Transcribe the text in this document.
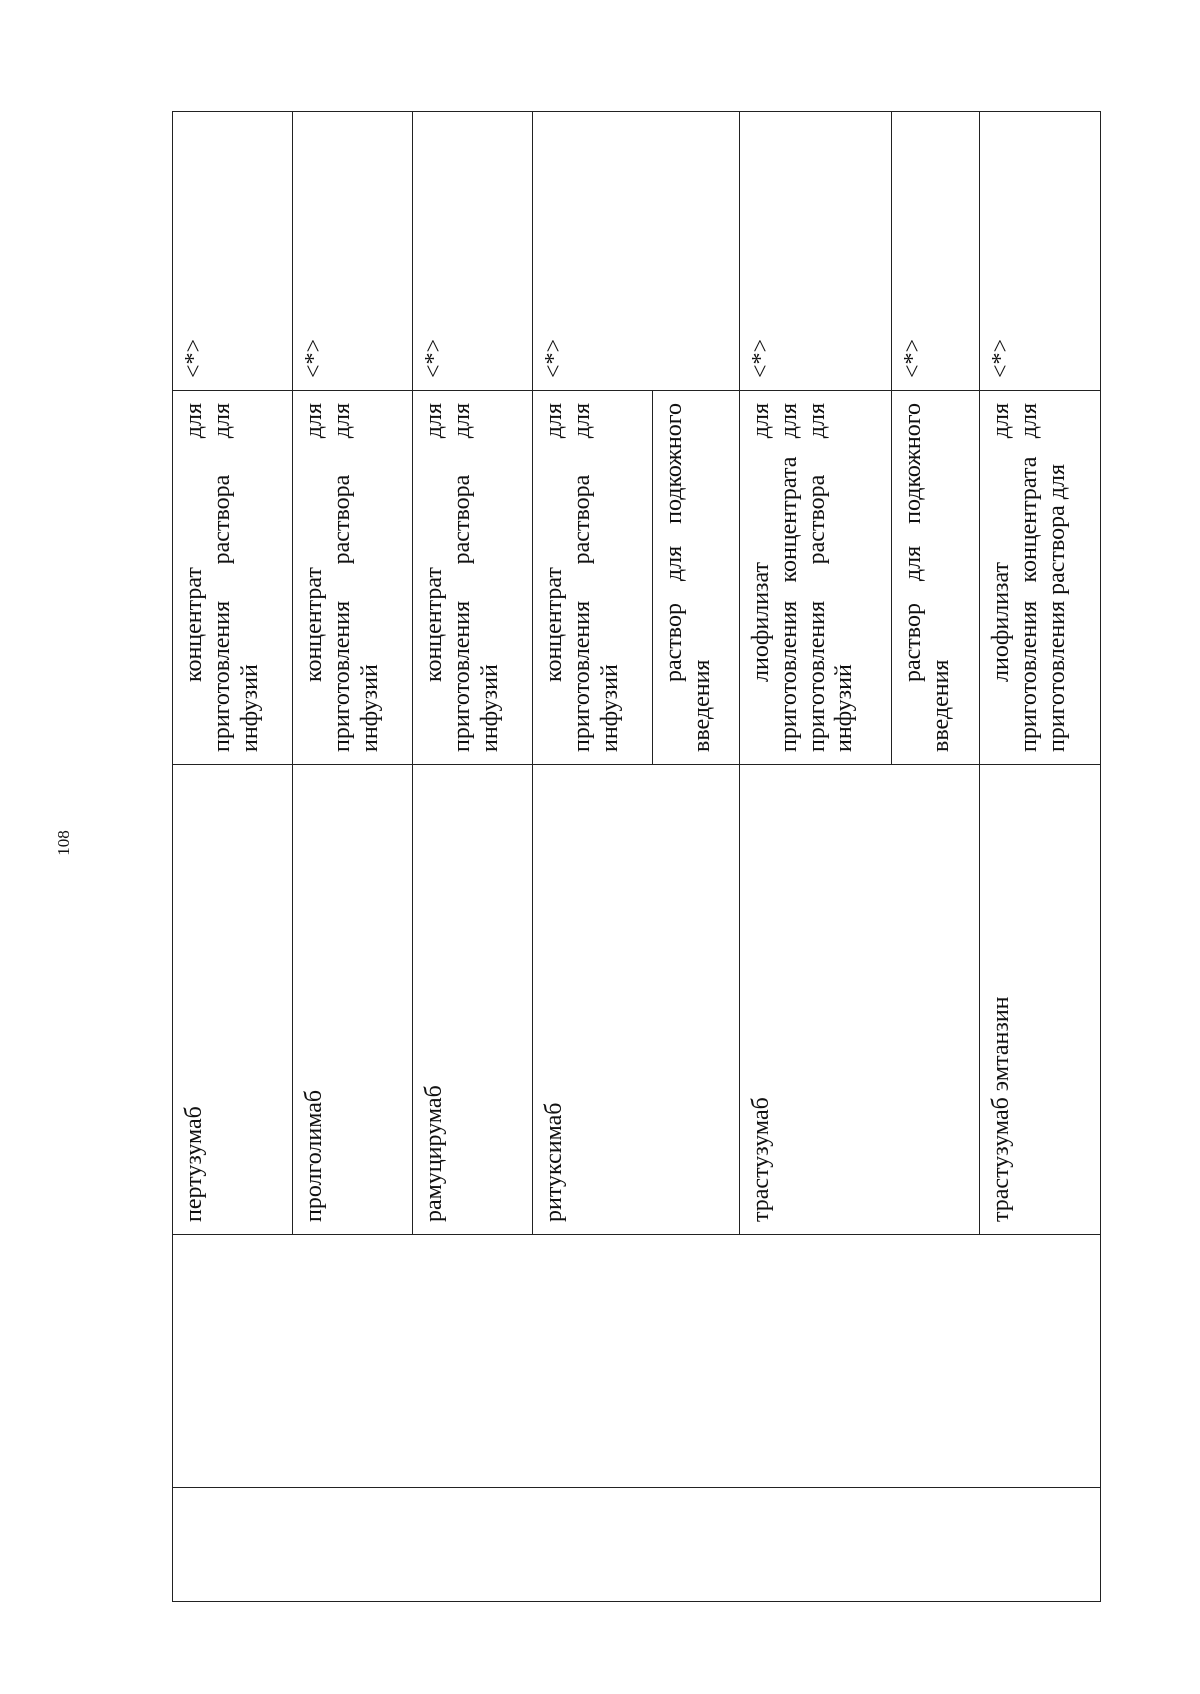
108
		пертузумаб	концентрат для приготовления раствора для инфузий	<*>
		пролголимаб	концентрат для приготовления раствора для инфузий	<*>
		рамуцирумаб	концентрат для приготовления раствора для инфузий	<*>
		ритуксимаб	концентрат для приготовления раствора для инфузий	<*>
			раствор для подкожного введения	
		трастузумаб	лиофилизат для приготовления концентрата для приготовления раствора для инфузий	<*>
			раствор для подкожного введения	<*>
		трастузумаб эмтанзин	лиофилизат для приготовления концентрата для приготовления раствора для	<*>
